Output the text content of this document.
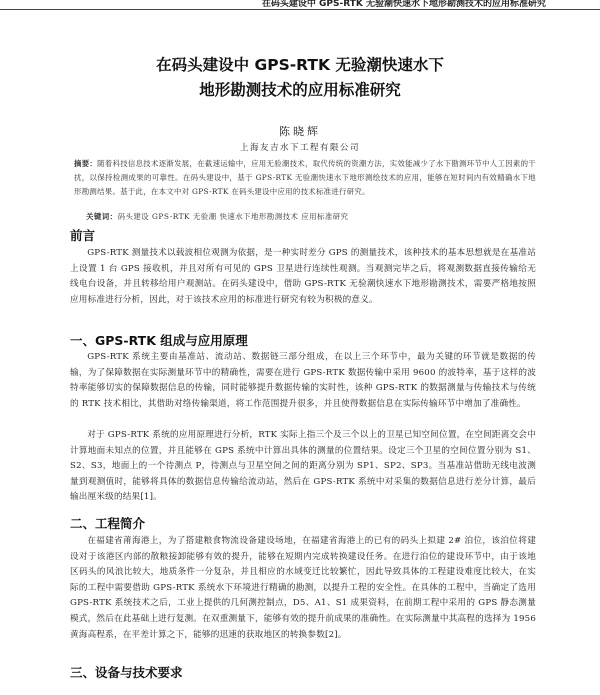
在码头建设中 GPS-RTK 无验潮快速水下地形勘测技术的应用标准研究
在码头建设中 GPS-RTK 无验潮快速水下
地形勘测技术的应用标准研究
陈晓辉
上海友吉水下工程有限公司
摘要：随着科技信息技术逐渐发展，在截速运输中，应用无验潮技术，取代传统的资潮方法，实效能减少了水下勘测环节中人工因素的干扰，以保持检测成果的可靠性。在码头建设中，基于 GPS-RTK 无验潮快速水下地形测绘技术的应用，能够在短时间内有效精确水下地形勘测结果。基于此，在本文中对 GPS-RTK 在码头建设中应用的技术标准进行研究。
关键词：码头建设 GPS-RTK 无验潮 快速水下地形勘测技术 应用标准研究
前言
GPS-RTK 测量技术以载波相位观测为依据，是一种实时差分 GPS 的测量技术，该种技术的基本思想就是在基准站上设置 1 台 GPS 接收机，并且对所有可见的 GPS 卫星进行连续性观测。当观测完毕之后，将观测数据直接传输给无线电台设备，并且转移给用户观测站。在码头建设中，借助 GPS-RTK 无验潮快速水下地形勘测技术，需要严格地按照应用标准进行分析，因此，对于该技术应用的标准进行研究有较为积极的意义。
一、GPS-RTK 组成与应用原理
GPS-RTK 系统主要由基准站、流动站、数据链三部分组成，在以上三个环节中，最为关键的环节就是数据的传输，为了保障数据在实际测量环节中的精确性，需要在进行 GPS-RTK 数据传输中采用 9600 的波特率，基于这样的波特率能够切实的保障数据信息的传输，同时能够提升数据传输的实时性，该种 GPS-RTK 的数据测量与传输技术与传统的 RTK 技术相比，其借助对络传输渠道，将工作范围提升很多，并且使得数据信息在实际传输环节中增加了准确性。
对于 GPS-RTK 系统的应用原理进行分析，RTK 实际上指三个及三个以上的卫星已知空间位置，在空间距离交会中计算地面未知点的位置，并且能够在 GPS 系统中计算出具体的测量的位置结果。设定三个卫星的空间位置分别为 S1、S2、S3，地面上的一个待测点 P，待测点与卫星空间之间的距离分别为 SP1、SP2、SP3。当基准站借助无线电波测量到观测值时，能够将具体的数据信息传输给流动站，然后在 GPS-RTK 系统中对采集的数据信息进行差分计算，最后输出厘米级的结果[1]。
二、工程简介
在福建省莆海港上，为了搭建粮食物流设备建设场地，在福建省海港上的已有的码头上拟建 2# 泊位，该泊位将建设对于该港区内部的散粮接卸能够有效的提升，能够在短期内完成转换建设任务。在进行泊位的建设环节中，由于该地区码头的风浪比较大，地质条件一分复杂，并且相应的水域变迁比较繁忙，因此导致具体的工程建设难度比较大，在实际的工程中需要借助 GPS-RTK 系统水下环境进行精确的勘测，以提升工程的安全性。在具体的工程中，当确定了选用 GPS-RTK 系统技术之后，工业上提供的几何测控制点，D5、A1、S1 成果资料，在前期工程中采用的 GPS 静态测量模式，然后在此基础上进行复测。在双重测量下，能够有效的提升前成果的准确性。在实际测量中其高程的选择为 1956 黄海高程系，在平差计算之下，能够的迅速的获取地区的转换参数[2]。
三、设备与技术要求
